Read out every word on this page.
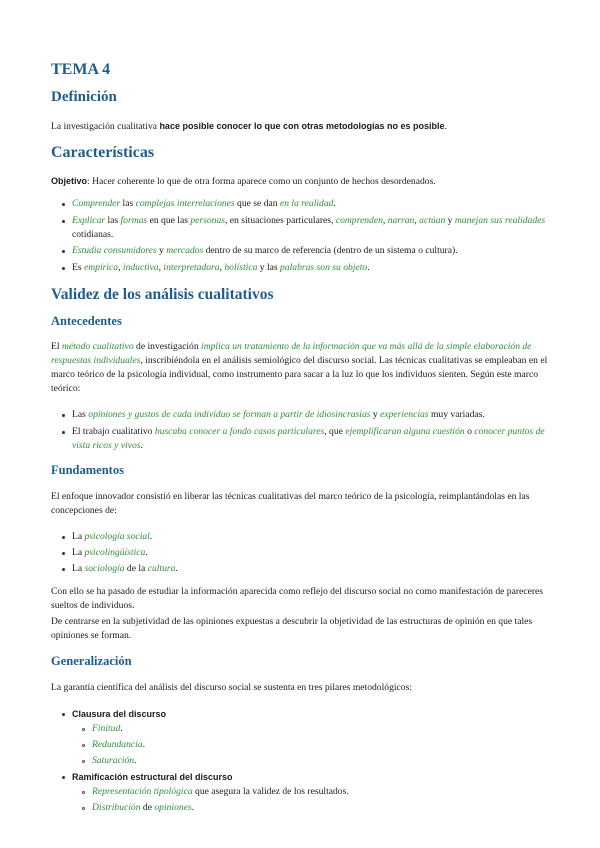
TEMA 4
Definición
La investigación cualitativa hace posible conocer lo que con otras metodologías no es posible.
Características
Objetivo: Hacer coherente lo que de otra forma aparece como un conjunto de hechos desordenados.
Comprender las complejas interrelaciones que se dan en la realidad.
Explicar las formas en que las personas, en situaciones particulares, comprenden, narran, actúan y manejan sus realidades
cotidianas.
Estudia consumidores y mercados dentro de su marco de referencia (dentro de un sistema o cultura).
Es empírica, inductiva, interpretadora, holística y las palabras son su objeto.
Validez de los análisis cualitativos
Antecedentes
El método cualitativo de investigación implica un tratamiento de la información que va más allá de la simple elaboración de
respuestas individuales, inscribiéndola en el análisis semiológico del discurso social. Las técnicas cualitativas se empleaban en el
marco teórico de la psicología individual, como instrumento para sacar a la luz lo que los individuos sienten. Según este marco
teórico:
Las opiniones y gustos de cada individuo se forman a partir de idiosincrasias y experiencias muy variadas.
El trabajo cualitativo buscaba conocer a fondo casos particulares, que ejemplificaran alguna cuestión o conocer puntos de
vista ricos y vivos.
Fundamentos
El enfoque innovador consistió en liberar las técnicas cualitativas del marco teórico de la psicología, reimplantándolas en las
concepciones de:
La psicología social.
La psicolingüística.
La sociología de la cultura.
Con ello se ha pasado de estudiar la información aparecida como reflejo del discurso social no como manifestación de pareceres
sueltos de individuos.
De centrarse en la subjetividad de las opiniones expuestas a descubrir la objetividad de las estructuras de opinión en que tales
opiniones se forman.
Generalización
La garantía científica del análisis del discurso social se sustenta en tres pilares metodológicos:
Clausura del discurso
Finitud.
Redundancia.
Saturación.
Ramificación estructural del discurso
Representación tipológica que asegura la validez de los resultados.
Distribución de opiniones.
